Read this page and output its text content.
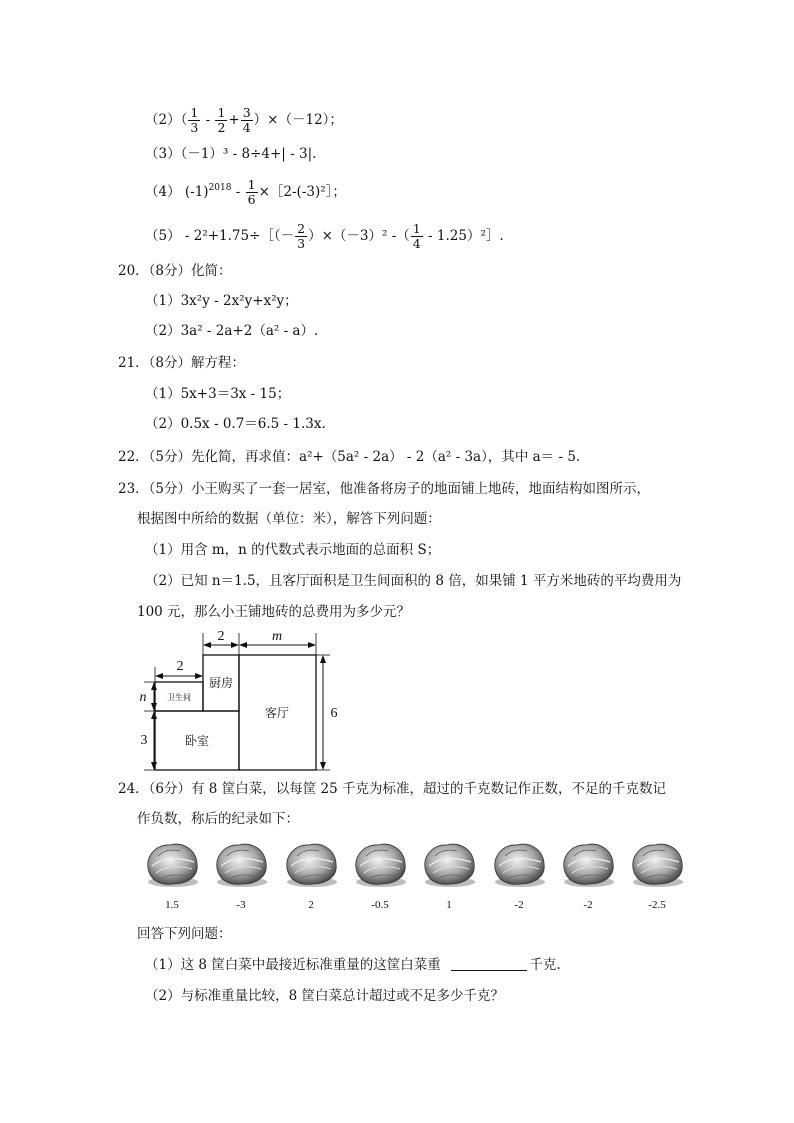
$(2)( \frac{1}{3} - \frac{1}{2} + \frac{3}{4} )\times(-12)$；
（3）（－1）³ - 8÷4+| - 3|.
（4） $(-1)^{2018} - \frac{1}{6}$ ×［2-(-3)²］；
（5） - 2²+1.75÷［（－ $\frac{2}{3} )\times(-3)^2$ -（ $\frac{1}{4}$ - 1.25）²］.
20．（8分）化简：
（1）3x²y - 2x²y+x²y；
（2）3a² - 2a+2（a² - a）.
21．（8分）解方程：
（1）5x+3＝3x - 15；
（2）0.5x - 0.7＝6.5 - 1.3x.
22．（5分）先化简，再求值：a²+（5a² - 2a） - 2（a² - 3a），其中 a＝ - 5.
23．（5分）小王购买了一套一居室，他准备将房子的地面铺上地砖，地面结构如图所示，
根据图中所给的数据（单位：米），解答下列问题：
（1）用含 m，n 的代数式表示地面的总面积 S；
（2）已知 n＝1.5，且客厅面积是卫生间面积的 8 倍，如果铺 1 平方米地砖的平均费用为
100 元，那么小王铺地砖的总费用为多少元？
2	m
2
n
3
6
卫生间
厨房
客厅
卧室
24．（6分）有 8 筐白菜，以每筐 25 千克为标准，超过的千克数记作正数，不足的千克数记
作负数，称后的纪录如下：
1.5	-3	2	-0.5	1	-2	-2	-2.5
回答下列问题：
（1）这 8 筐白菜中最接近标准重量的这筐白菜重	千克.
（2）与标准重量比较，8 筐白菜总计超过或不足多少千克？
